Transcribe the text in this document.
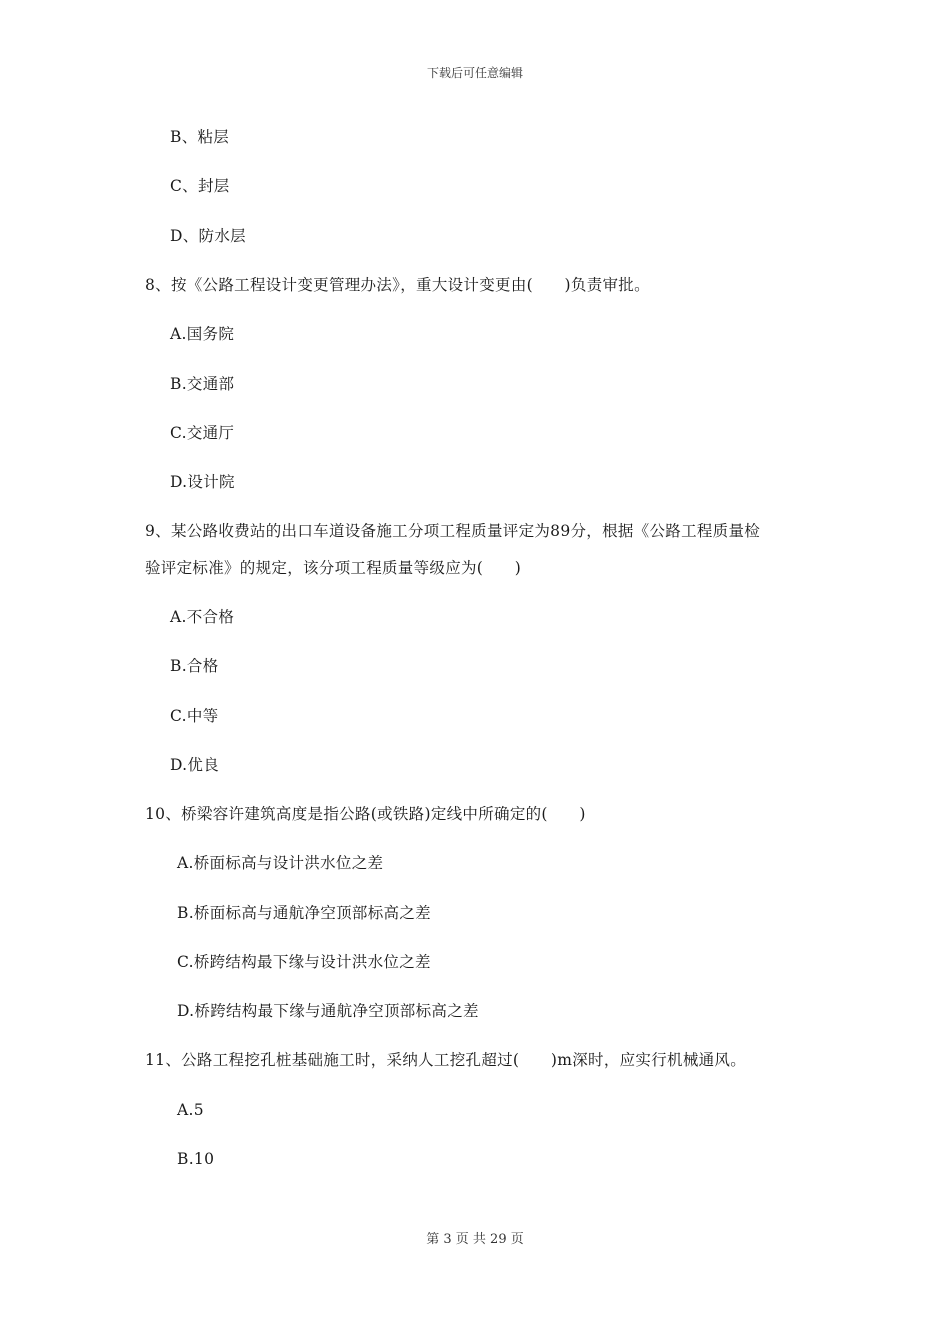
下载后可任意编辑
B、粘层
C、封层
D、防水层
8、按《公路工程设计变更管理办法》，重大设计变更由(　　)负责审批。
A.国务院
B.交通部
C.交通厅
D.设计院
9、某公路收费站的出口车道设备施工分项工程质量评定为89分，根据《公路工程质量检
验评定标准》的规定，该分项工程质量等级应为(　　)
A.不合格
B.合格
C.中等
D.优良
10、桥梁容许建筑高度是指公路(或铁路)定线中所确定的(　　)
A.桥面标高与设计洪水位之差
B.桥面标高与通航净空顶部标高之差
C.桥跨结构最下缘与设计洪水位之差
D.桥跨结构最下缘与通航净空顶部标高之差
11、公路工程挖孔桩基础施工时，采纳人工挖孔超过(　　)m深时，应实行机械通风。
A.5
B.10
第 3 页 共 29 页
